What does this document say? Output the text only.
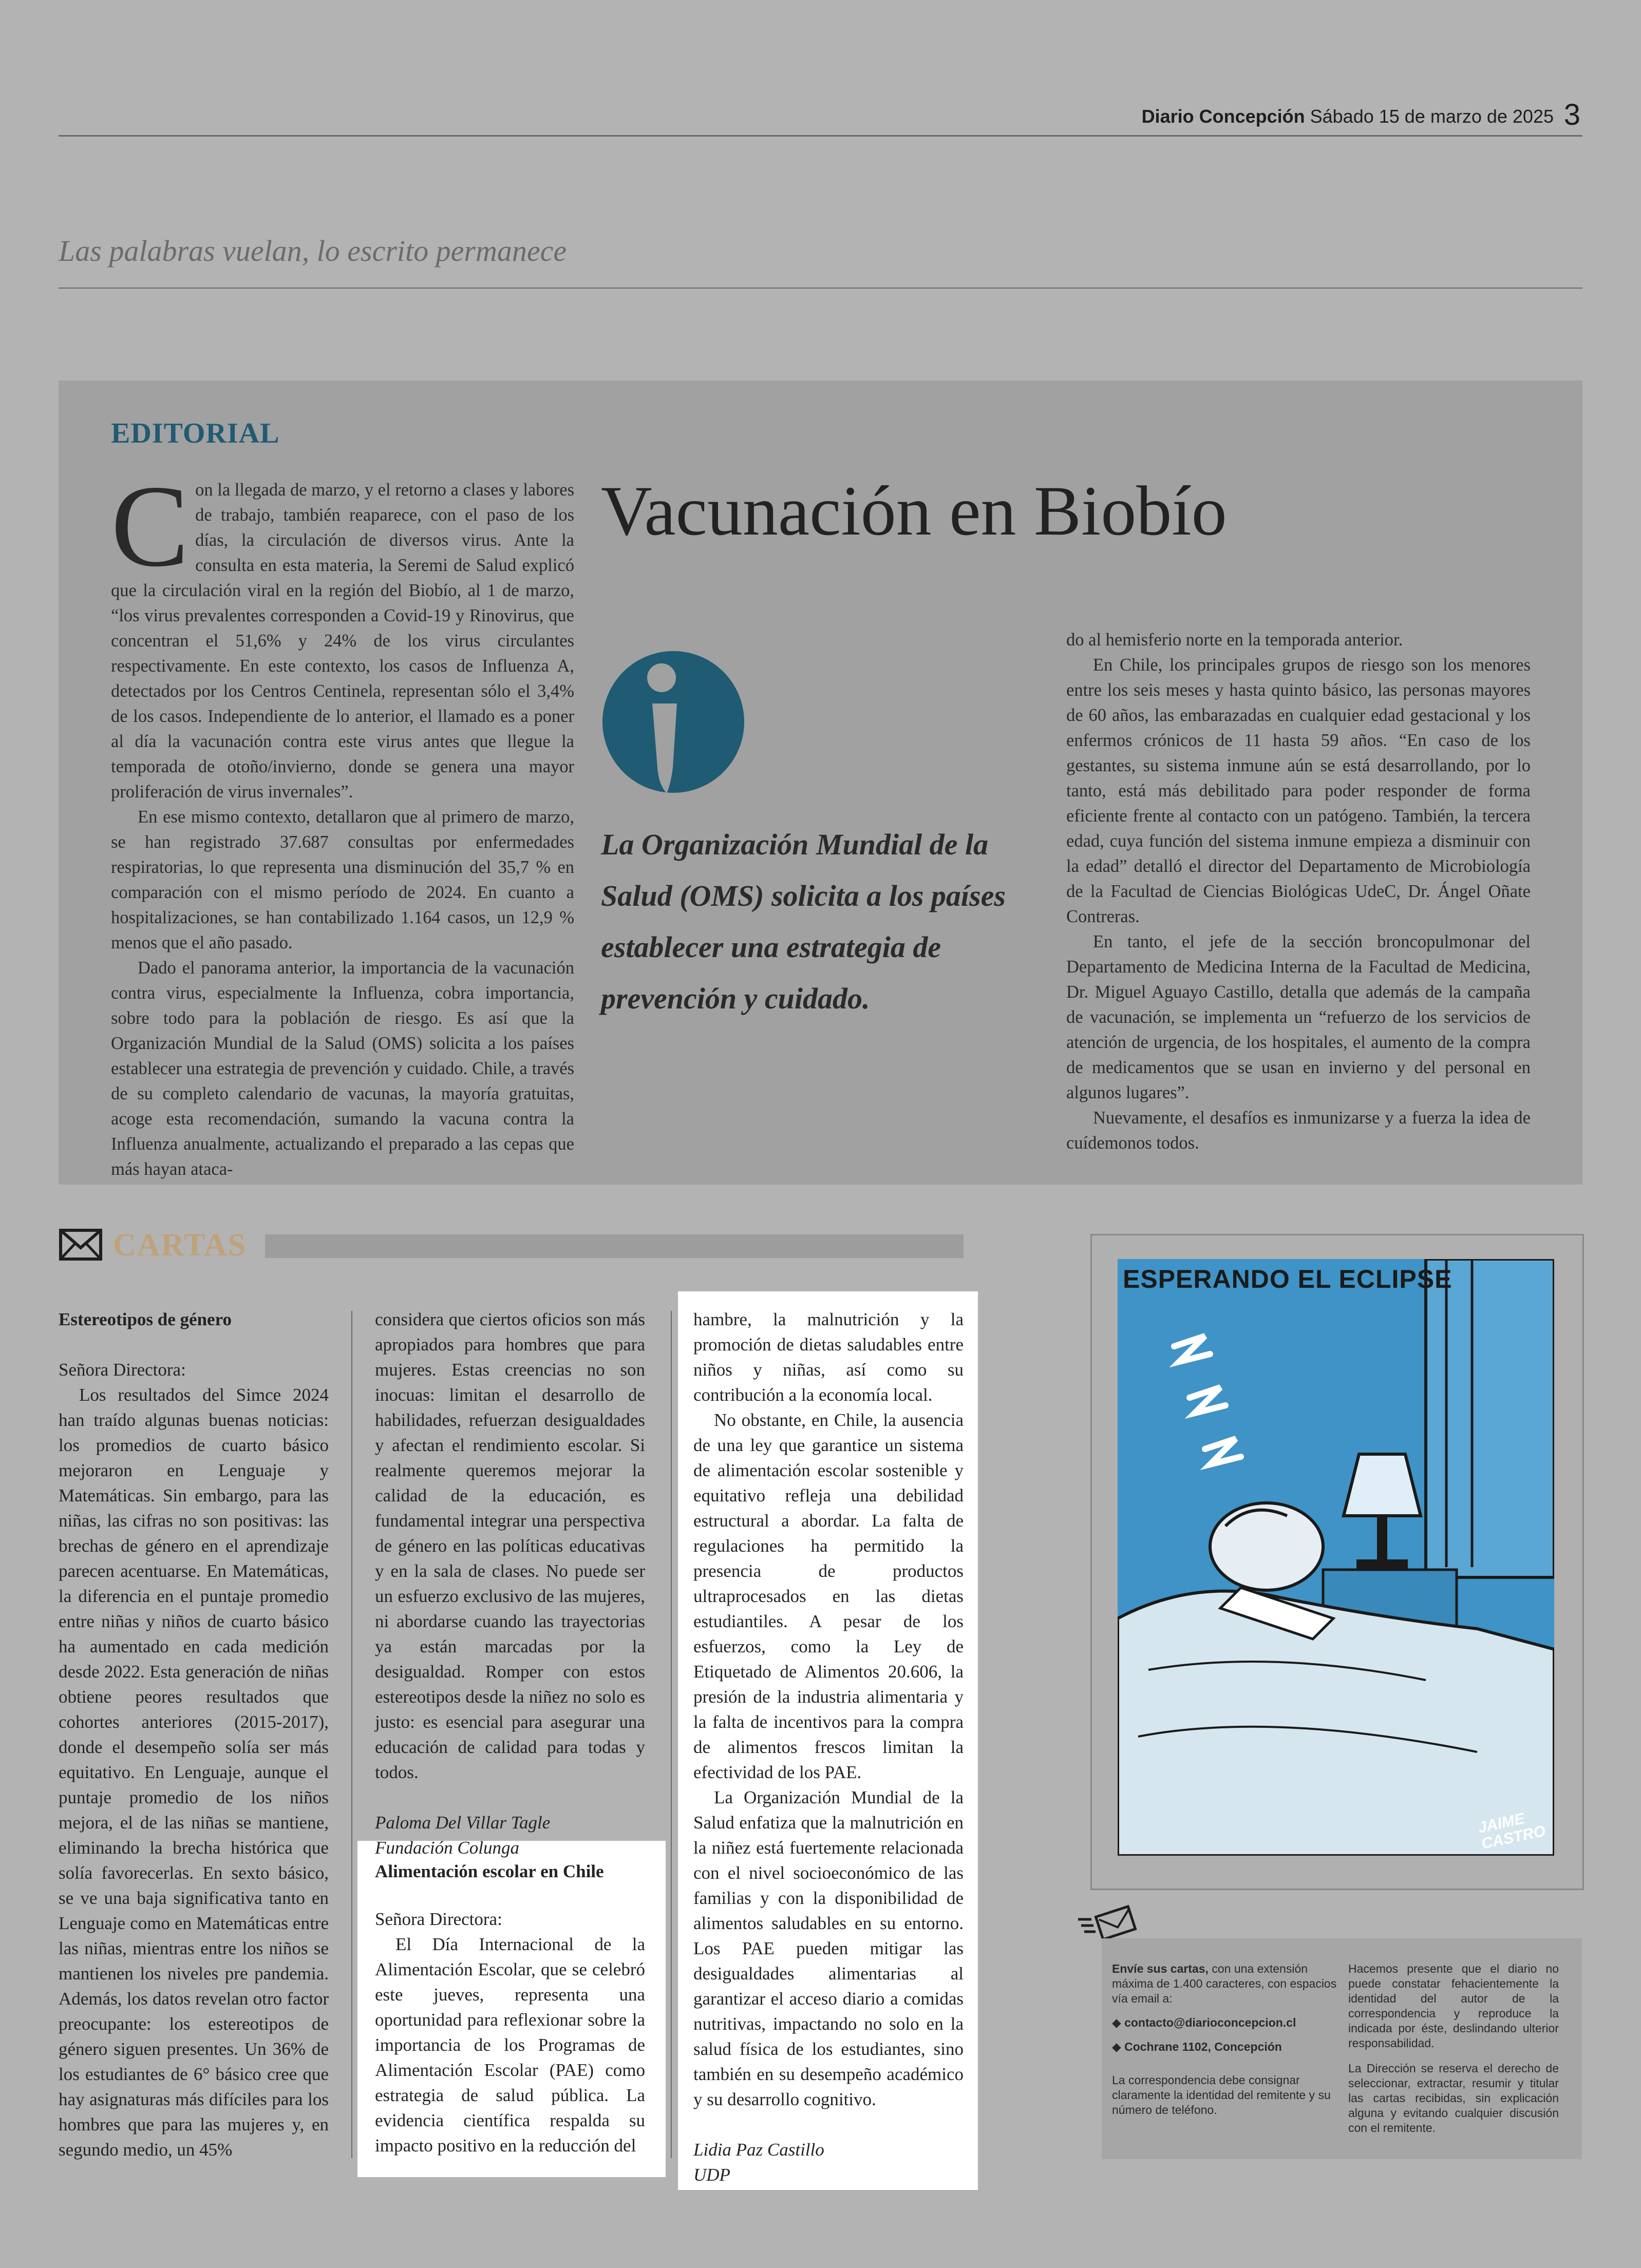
Diario Concepción Sábado 15 de marzo de 2025 3
Las palabras vuelan, lo escrito permanece
EDITORIAL

Con la llegada de marzo, y el retorno a clases y labores de trabajo, también reaparece, con el paso de los días, la circulación de diversos virus. Ante la consulta en esta materia, la Seremi de Salud explicó que la circulación viral en la región del Biobío, al 1 de marzo, “los virus prevalentes corresponden a Covid-19 y Rinovirus, que concentran el 51,6% y 24% de los virus circulantes respectivamente. En este contexto, los casos de Influenza A, detectados por los Centros Centinela, representan sólo el 3,4% de los casos. Independiente de lo anterior, el llamado es a poner al día la vacunación contra este virus antes que llegue la temporada de otoño/invierno, donde se genera una mayor proliferación de virus invernales”.

En ese mismo contexto, detallaron que al primero de marzo, se han registrado 37.687 consultas por enfermedades respiratorias, lo que representa una disminución del 35,7 % en comparación con el mismo período de 2024. En cuanto a hospitalizaciones, se han contabilizado 1.164 casos, un 12,9 % menos que el año pasado.

Dado el panorama anterior, la importancia de la vacunación contra virus, especialmente la Influenza, cobra importancia, sobre todo para la población de riesgo. Es así que la Organización Mundial de la Salud (OMS) solicita a los países establecer una estrategia de prevención y cuidado. Chile, a través de su completo calendario de vacunas, la mayoría gratuitas, acoge esta recomendación, sumando la vacuna contra la Influenza anualmente, actualizando el preparado a las cepas que más hayan ataca-

Vacunación en Biobío
La Organización Mundial de la Salud (OMS) solicita a los países establecer una estrategia de prevención y cuidado.

do al hemisferio norte en la temporada anterior.

En Chile, los principales grupos de riesgo son los menores entre los seis meses y hasta quinto básico, las personas mayores de 60 años, las embarazadas en cualquier edad gestacional y los enfermos crónicos de 11 hasta 59 años. “En caso de los gestantes, su sistema inmune aún se está desarrollando, por lo tanto, está más debilitado para poder responder de forma eficiente frente al contacto con un patógeno. También, la tercera edad, cuya función del sistema inmune empieza a disminuir con la edad” detalló el director del Departamento de Microbiología de la Facultad de Ciencias Biológicas UdeC, Dr. Ángel Oñate Contreras.

En tanto, el jefe de la sección broncopulmonar del Departamento de Medicina Interna de la Facultad de Medicina, Dr. Miguel Aguayo Castillo, detalla que además de la campaña de vacunación, se implementa un “refuerzo de los servicios de atención de urgencia, de los hospitales, el aumento de la compra de medicamentos que se usan en invierno y del personal en algunos lugares”.

Nuevamente, el desafíos es inmunizarse y a fuerza la idea de cuídemonos todos.

CARTAS
Estereotipos de género

Señora Directora:

Los resultados del Simce 2024 han traído algunas buenas noticias: los promedios de cuarto básico mejoraron en Lenguaje y Matemáticas. Sin embargo, para las niñas, las cifras no son positivas: las brechas de género en el aprendizaje parecen acentuarse. En Matemáticas, la diferencia en el puntaje promedio entre niñas y niños de cuarto básico ha aumentado en cada medición desde 2022. Esta generación de niñas obtiene peores resultados que cohortes anteriores (2015-2017), donde el desempeño solía ser más equitativo. En Lenguaje, aunque el puntaje promedio de los niños mejora, el de las niñas se mantiene, eliminando la brecha histórica que solía favorecerlas. En sexto básico, se ve una baja significativa tanto en Lenguaje como en Matemáticas entre las niñas, mientras entre los niños se mantienen los niveles pre pandemia. Además, los datos revelan otro factor preocupante: los estereotipos de género siguen presentes. Un 36% de los estudiantes de 6° básico cree que hay asignaturas más difíciles para los hombres que para las mujeres y, en segundo medio, un 45%

considera que ciertos oficios son más apropiados para hombres que para mujeres. Estas creencias no son inocuas: limitan el desarrollo de habilidades, refuerzan desigualdades y afectan el rendimiento escolar. Si realmente queremos mejorar la calidad de la educación, es fundamental integrar una perspectiva de género en las políticas educativas y en la sala de clases. No puede ser un esfuerzo exclusivo de las mujeres, ni abordarse cuando las trayectorias ya están marcadas por la desigualdad. Romper con estos estereotipos desde la niñez no solo es justo: es esencial para asegurar una educación de calidad para todas y todos.

Paloma Del Villar Tagle

Fundación Colunga

Alimentación escolar en Chile

Señora Directora:

El Día Internacional de la Alimentación Escolar, que se celebró este jueves, representa una oportunidad para reflexionar sobre la importancia de los Programas de Alimentación Escolar (PAE) como estrategia de salud pública. La evidencia científica respalda su impacto positivo en la reducción del

hambre, la malnutrición y la promoción de dietas saludables entre niños y niñas, así como su contribución a la economía local.

No obstante, en Chile, la ausencia de una ley que garantice un sistema de alimentación escolar sostenible y equitativo refleja una debilidad estructural a abordar. La falta de regulaciones ha permitido la presencia de productos ultraprocesados en las dietas estudiantiles. A pesar de los esfuerzos, como la Ley de Etiquetado de Alimentos 20.606, la presión de la industria alimentaria y la falta de incentivos para la compra de alimentos frescos limitan la efectividad de los PAE.

La Organización Mundial de la Salud enfatiza que la malnutrición en la niñez está fuertemente relacionada con el nivel socioeconómico de las familias y con la disponibilidad de alimentos saludables en su entorno. Los PAE pueden mitigar las desigualdades alimentarias al garantizar el acceso diario a comidas nutritivas, impactando no solo en la salud física de los estudiantes, sino también en su desempeño académico y su desarrollo cognitivo.

Lidia Paz Castillo

UDP

ESPERANDO EL ECLIPSE
JAIME CASTRO

Envíe sus cartas, con una extensión máxima de 1.400 caracteres, con espacios vía email a:

◆ contacto@diarioconcepcion.cl

◆ Cochrane 1102, Concepción

La correspondencia debe consignar claramente la identidad del remitente y su número de teléfono.

Hacemos presente que el diario no puede constatar fehacientemente la identidad del autor de la correspondencia y reproduce la indicada por éste, deslindando ulterior responsabilidad.

La Dirección se reserva el derecho de seleccionar, extractar, resumir y titular las cartas recibidas, sin explicación alguna y evitando cualquier discusión con el remitente.
